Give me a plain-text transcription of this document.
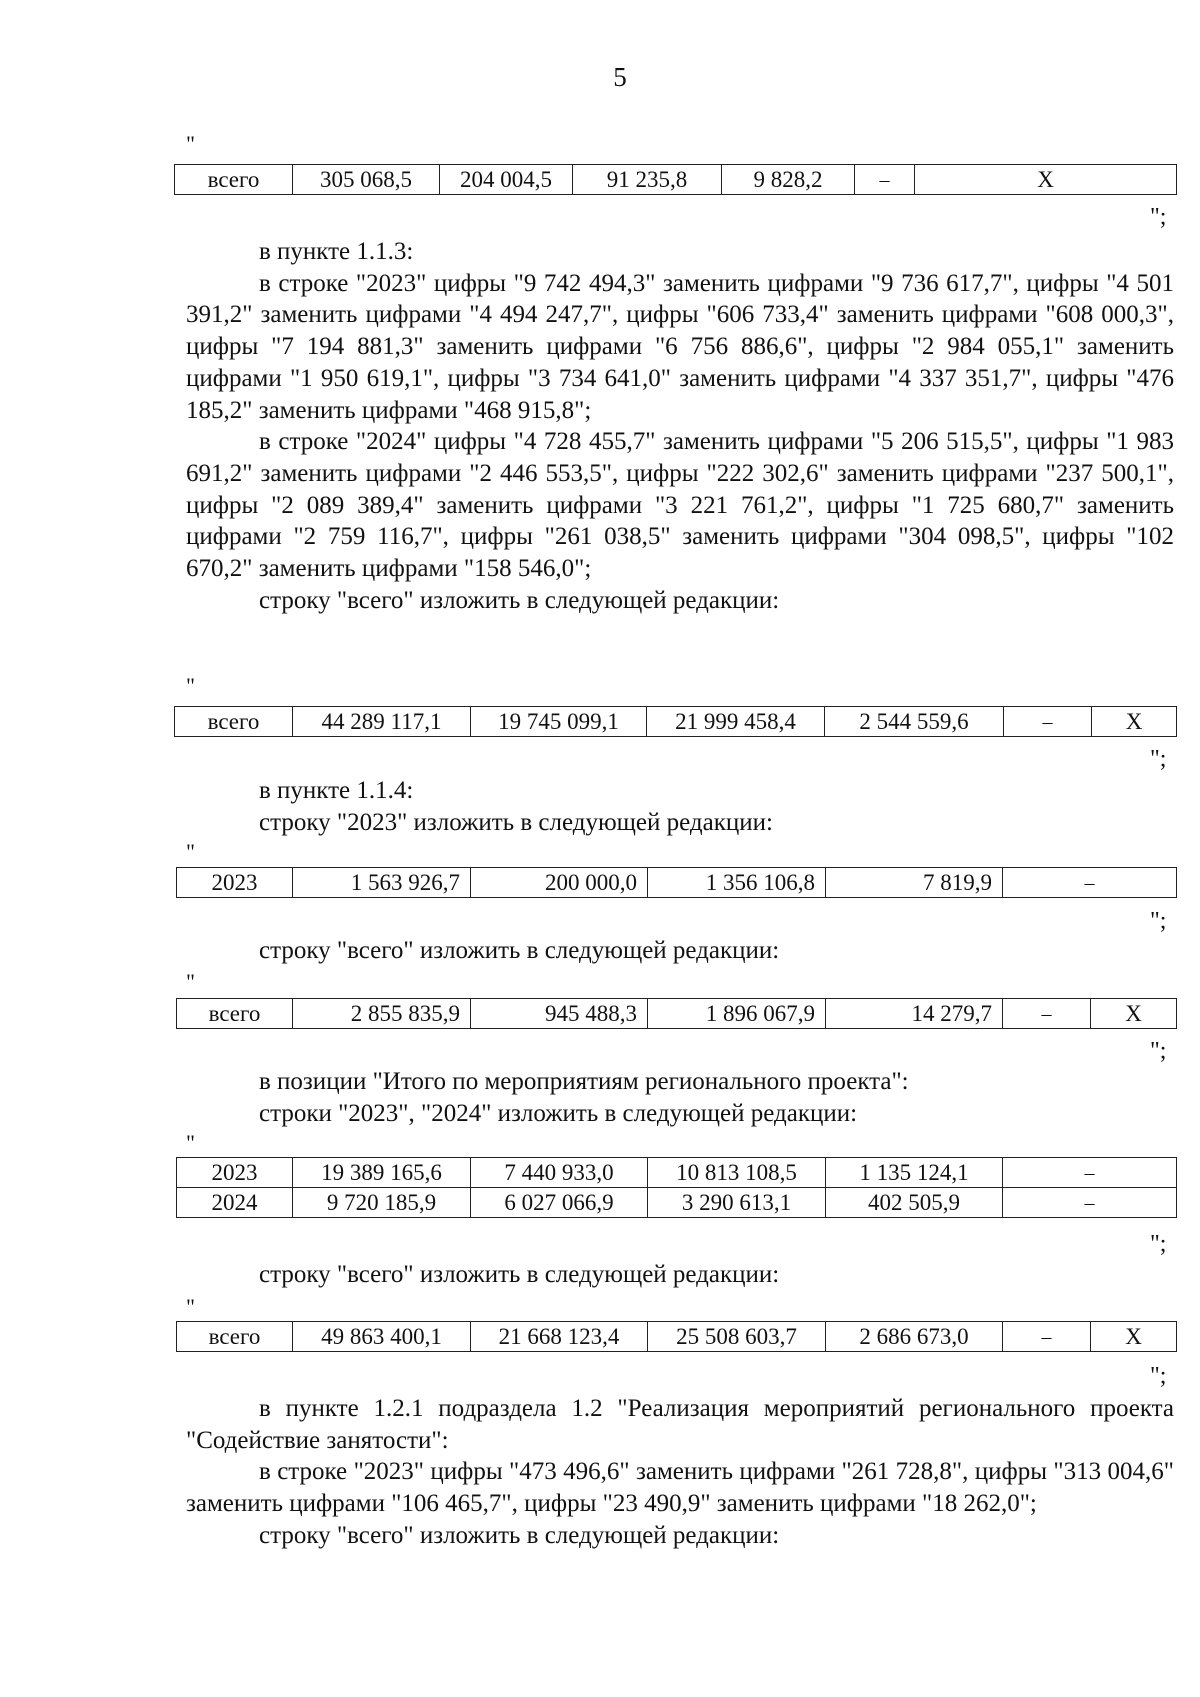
5
"
всего	305 068,5	204 004,5	91 235,8	9 828,2	–	Х
";

в пункте 1.1.3:

в строке "2023" цифры "9 742 494,3" заменить цифрами "9 736 617,7", цифры "4 501 391,2" заменить цифрами "4 494 247,7", цифры "606 733,4" заменить цифрами "608 000,3", цифры "7 194 881,3" заменить цифрами "6 756 886,6", цифры "2 984 055,1" заменить цифрами "1 950 619,1", цифры "3 734 641,0" заменить цифрами "4 337 351,7", цифры "476 185,2" заменить цифрами "468 915,8";

в строке "2024" цифры "4 728 455,7" заменить цифрами "5 206 515,5", цифры "1 983 691,2" заменить цифрами "2 446 553,5", цифры "222 302,6" заменить цифрами "237 500,1", цифры "2 089 389,4" заменить цифрами "3 221 761,2", цифры "1 725 680,7" заменить цифрами "2 759 116,7", цифры "261 038,5" заменить цифрами "304 098,5", цифры "102 670,2" заменить цифрами "158 546,0";

строку "всего" изложить в следующей редакции:

"
всего	44 289 117,1	19 745 099,1	21 999 458,4	2 544 559,6	–	Х
";

в пункте 1.1.4:

строку "2023" изложить в следующей редакции:

"
2023	1 563 926,7	200 000,0	1 356 106,8	7 819,9	–
";

строку "всего" изложить в следующей редакции:

"
всего	2 855 835,9	945 488,3	1 896 067,9	14 279,7	–	Х
";

в позиции "Итого по мероприятиям регионального проекта":

строки "2023", "2024" изложить в следующей редакции:

"
2023	19 389 165,6	7 440 933,0	10 813 108,5	1 135 124,1	–
2024	9 720 185,9	6 027 066,9	3 290 613,1	402 505,9	–
";

строку "всего" изложить в следующей редакции:

"
всего	49 863 400,1	21 668 123,4	25 508 603,7	2 686 673,0	–	Х
";

в пункте 1.2.1 подраздела 1.2 "Реализация мероприятий регионального проекта "Содействие занятости":

в строке "2023" цифры "473 496,6" заменить цифрами "261 728,8", цифры "313 004,6" заменить цифрами "106 465,7", цифры "23 490,9" заменить цифрами "18 262,0";

строку "всего" изложить в следующей редакции:
